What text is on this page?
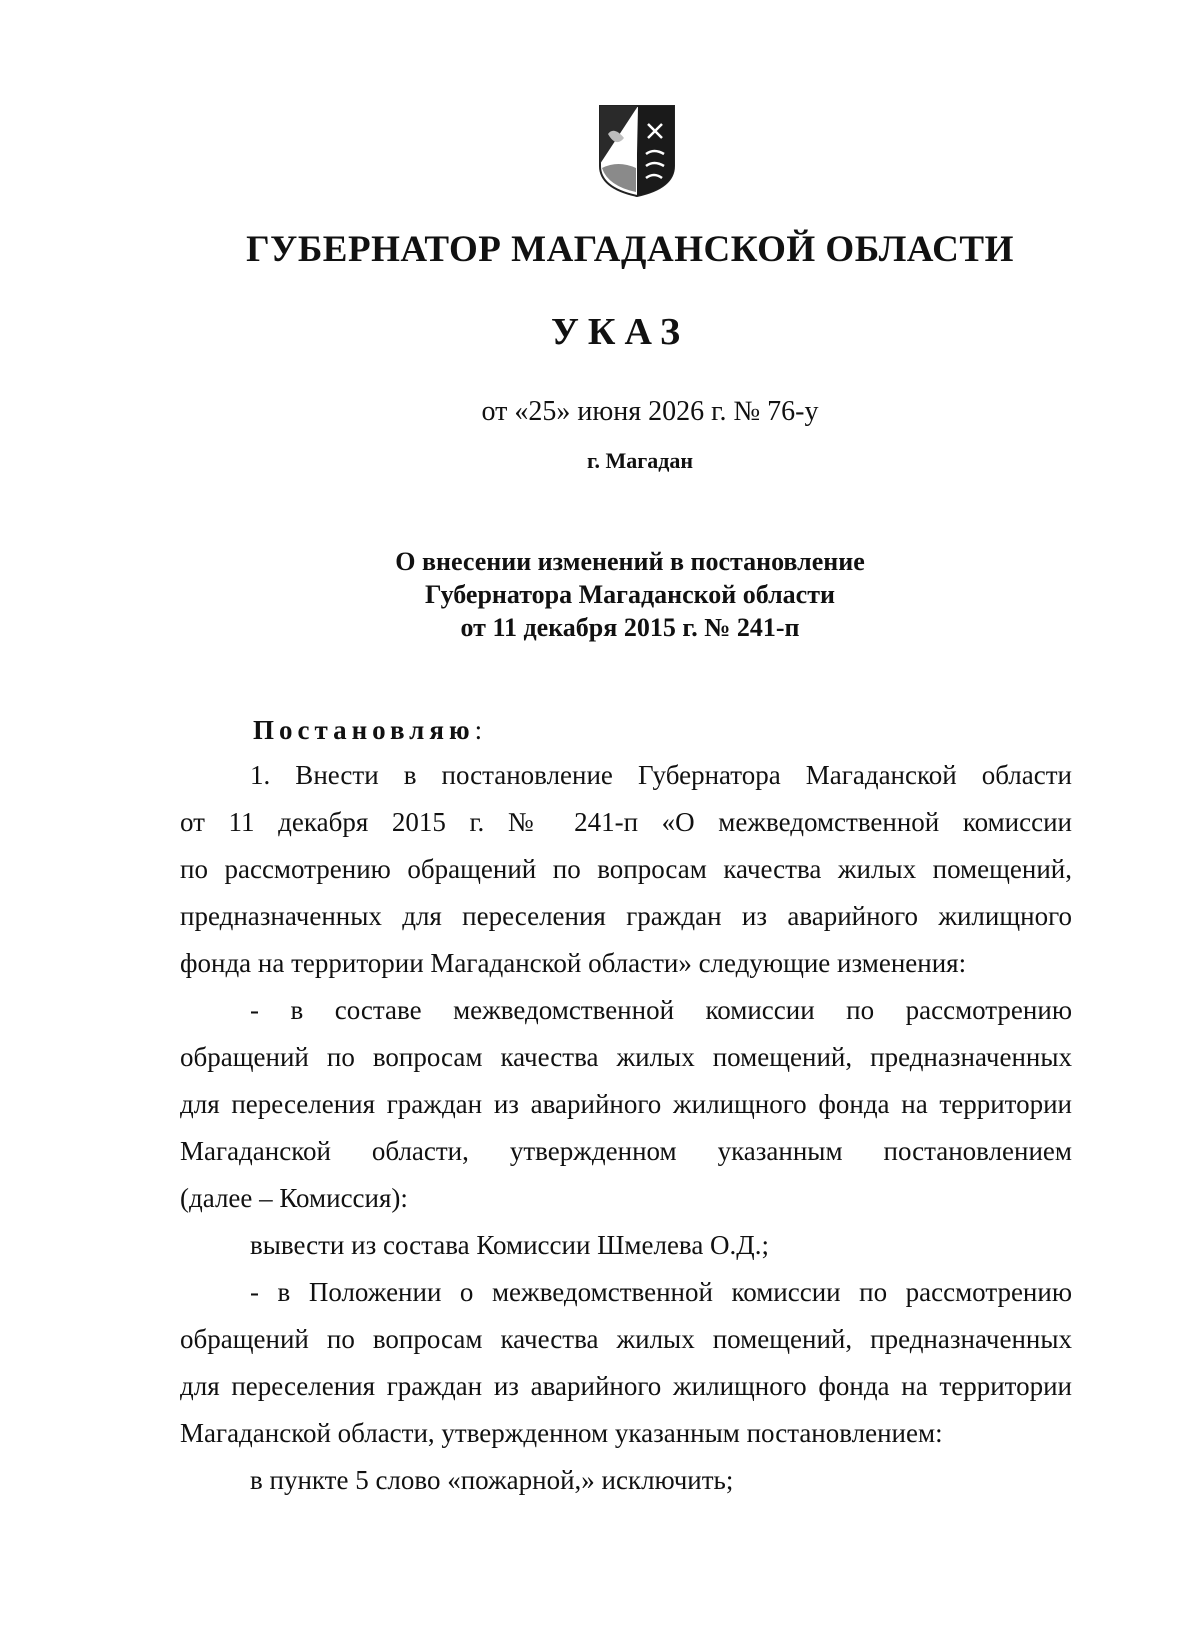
ГУБЕРНАТОР МАГАДАНСКОЙ ОБЛАСТИ
УКАЗ
от «25» июня 2026 г. № 76-у
г. Магадан
О внесении изменений в постановление
Губернатора Магаданской области
от 11 декабря 2015 г. № 241-п
Постановляю:
1. Внести в постановление Губернатора Магаданской области
от 11 декабря 2015 г. № 241-п «О межведомственной комиссии
по рассмотрению обращений по вопросам качества жилых помещений,
предназначенных для переселения граждан из аварийного жилищного
фонда на территории Магаданской области» следующие изменения:
- в составе межведомственной комиссии по рассмотрению
обращений по вопросам качества жилых помещений, предназначенных
для переселения граждан из аварийного жилищного фонда на территории
Магаданской области, утвержденном указанным постановлением
(далее – Комиссия):
вывести из состава Комиссии Шмелева О.Д.;
- в Положении о межведомственной комиссии по рассмотрению
обращений по вопросам качества жилых помещений, предназначенных
для переселения граждан из аварийного жилищного фонда на территории
Магаданской области, утвержденном указанным постановлением:
в пункте 5 слово «пожарной,» исключить;
